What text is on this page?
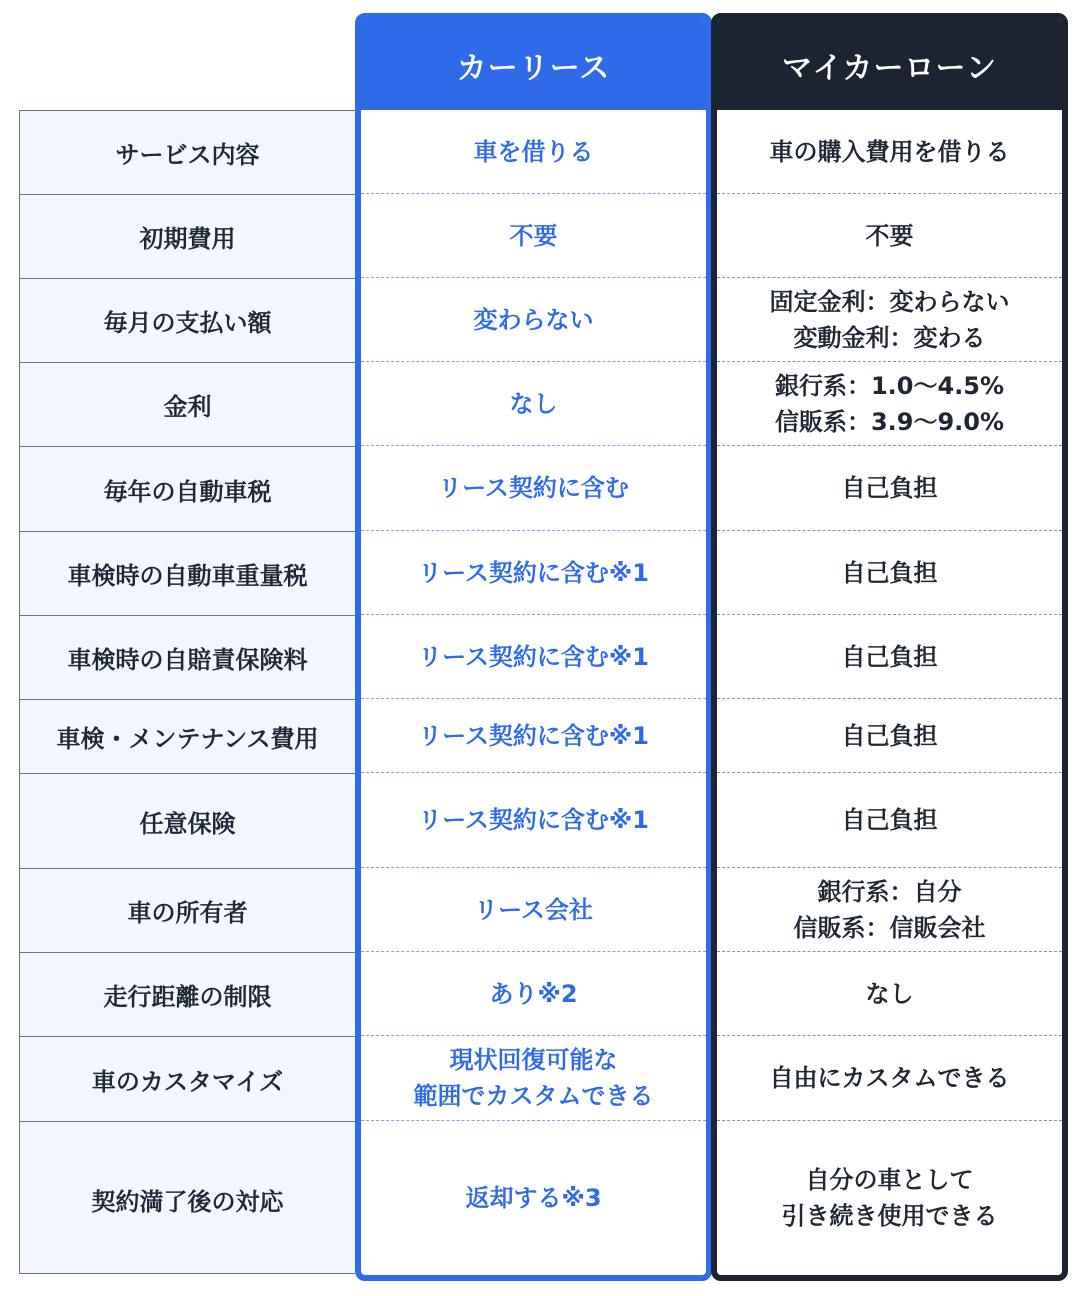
サービス内容
初期費用
毎月の支払い額
金利
毎年の自動車税
車検時の自動車重量税
車検時の自賠責保険料
車検・メンテナンス費用
任意保険
車の所有者
走行距離の制限
車のカスタマイズ
契約満了後の対応
カーリース
車を借りる
不要
変わらない
なし
リース契約に含む
リース契約に含む※1
リース契約に含む※1
リース契約に含む※1
リース契約に含む※1
リース会社
あり※2
現状回復可能な
範囲でカスタムできる
返却する※3
マイカーローン
車の購入費用を借りる
不要
固定金利：変わらない
変動金利：変わる
銀行系：1.0〜4.5%
信販系：3.9〜9.0%
自己負担
自己負担
自己負担
自己負担
自己負担
銀行系：自分
信販系：信販会社
なし
自由にカスタムできる
自分の車として
引き続き使用できる
